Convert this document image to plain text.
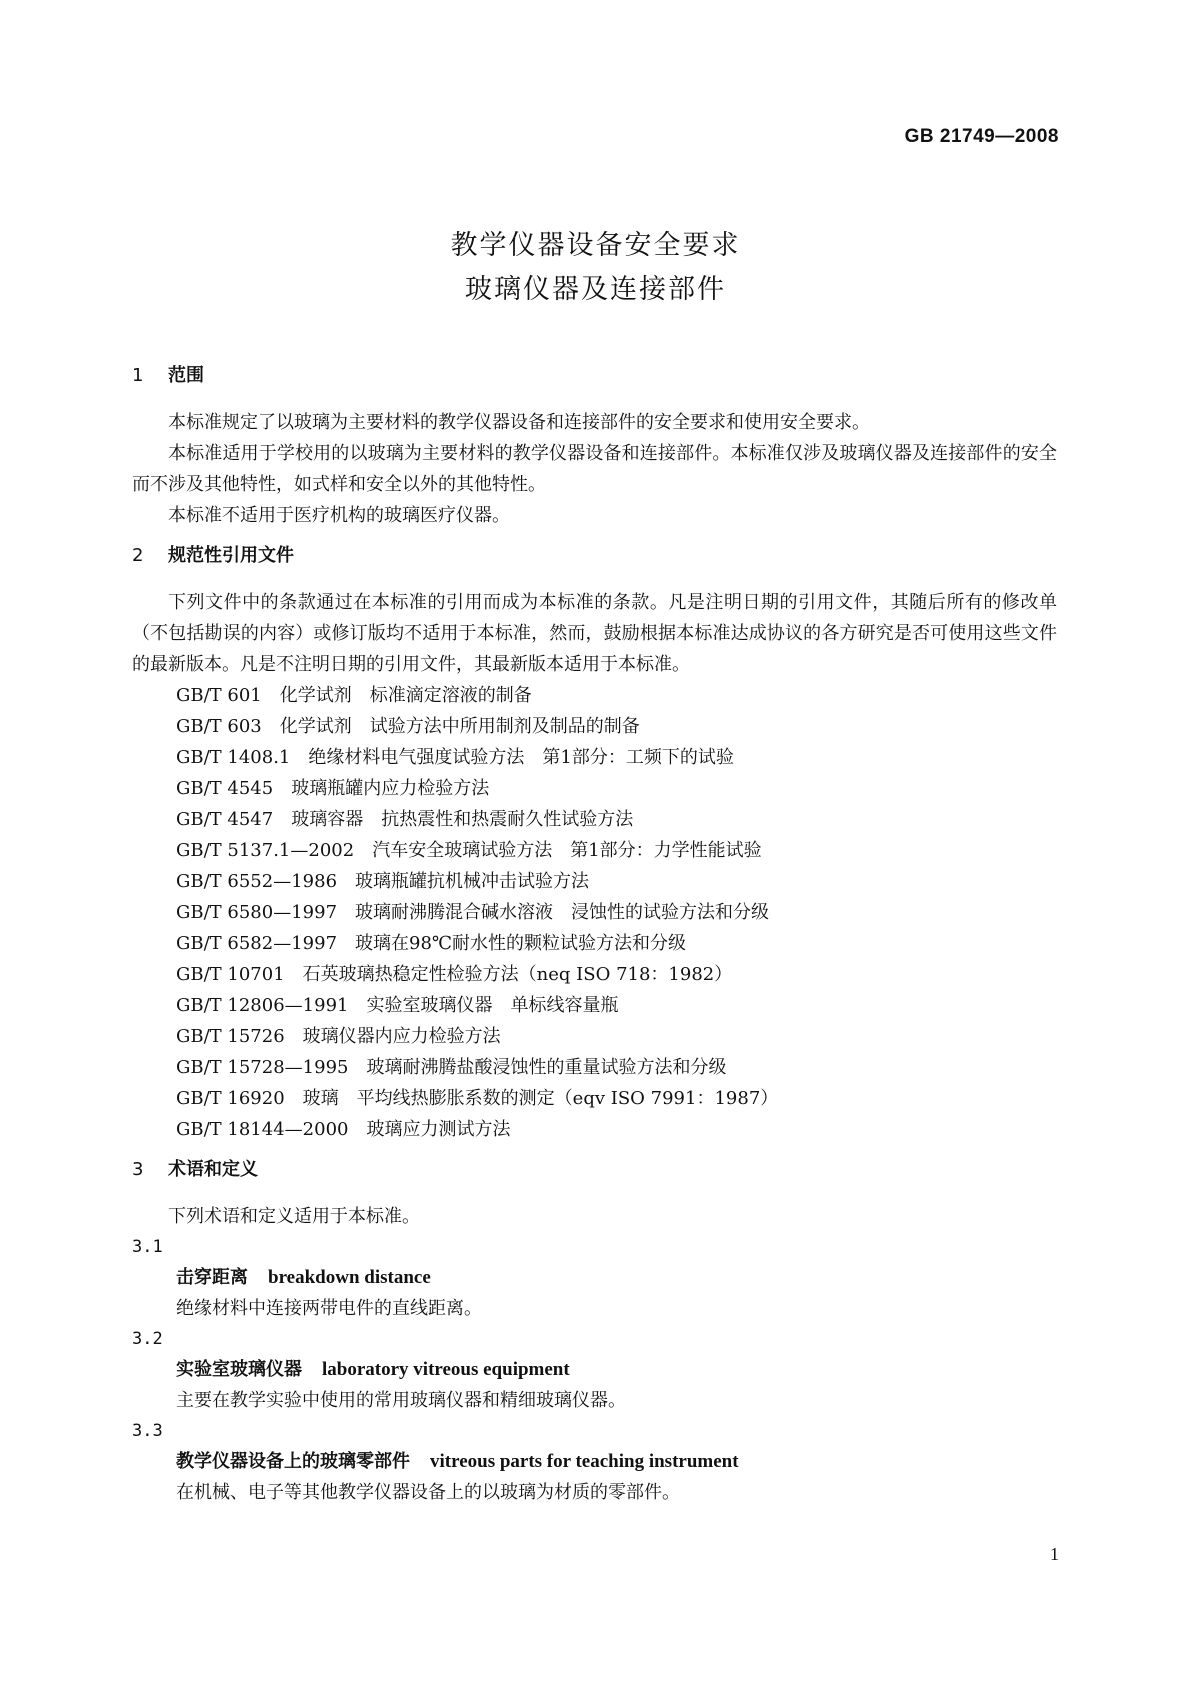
GB 21749—2008
教学仪器设备安全要求
玻璃仪器及连接部件
1 范围

本标准规定了以玻璃为主要材料的教学仪器设备和连接部件的安全要求和使用安全要求。

本标准适用于学校用的以玻璃为主要材料的教学仪器设备和连接部件。本标准仅涉及玻璃仪器及连接部件的安全而不涉及其他特性，如式样和安全以外的其他特性。

本标准不适用于医疗机构的玻璃医疗仪器。

2 规范性引用文件

下列文件中的条款通过在本标准的引用而成为本标准的条款。凡是注明日期的引用文件，其随后所有的修改单（不包括勘误的内容）或修订版均不适用于本标准，然而，鼓励根据本标准达成协议的各方研究是否可使用这些文件的最新版本。凡是不注明日期的引用文件，其最新版本适用于本标准。

GB/T 601 化学试剂　标准滴定溶液的制备
GB/T 603 化学试剂　试验方法中所用制剂及制品的制备
GB/T 1408.1 绝缘材料电气强度试验方法　第1部分：工频下的试验
GB/T 4545 玻璃瓶罐内应力检验方法
GB/T 4547 玻璃容器　抗热震性和热震耐久性试验方法
GB/T 5137.1—2002 汽车安全玻璃试验方法　第1部分：力学性能试验
GB/T 6552—1986 玻璃瓶罐抗机械冲击试验方法
GB/T 6580—1997 玻璃耐沸腾混合碱水溶液　浸蚀性的试验方法和分级
GB/T 6582—1997 玻璃在98℃耐水性的颗粒试验方法和分级
GB/T 10701 石英玻璃热稳定性检验方法（neq ISO 718：1982）
GB/T 12806—1991 实验室玻璃仪器　单标线容量瓶
GB/T 15726 玻璃仪器内应力检验方法
GB/T 15728—1995 玻璃耐沸腾盐酸浸蚀性的重量试验方法和分级
GB/T 16920 玻璃　平均线热膨胀系数的测定（eqv ISO 7991：1987）
GB/T 18144—2000 玻璃应力测试方法
3 术语和定义

下列术语和定义适用于本标准。

3.1
击穿距离 breakdown distance
绝缘材料中连接两带电件的直线距离。
3.2
实验室玻璃仪器 laboratory vitreous equipment
主要在教学实验中使用的常用玻璃仪器和精细玻璃仪器。
3.3
教学仪器设备上的玻璃零部件 vitreous parts for teaching instrument
在机械、电子等其他教学仪器设备上的以玻璃为材质的零部件。
1
